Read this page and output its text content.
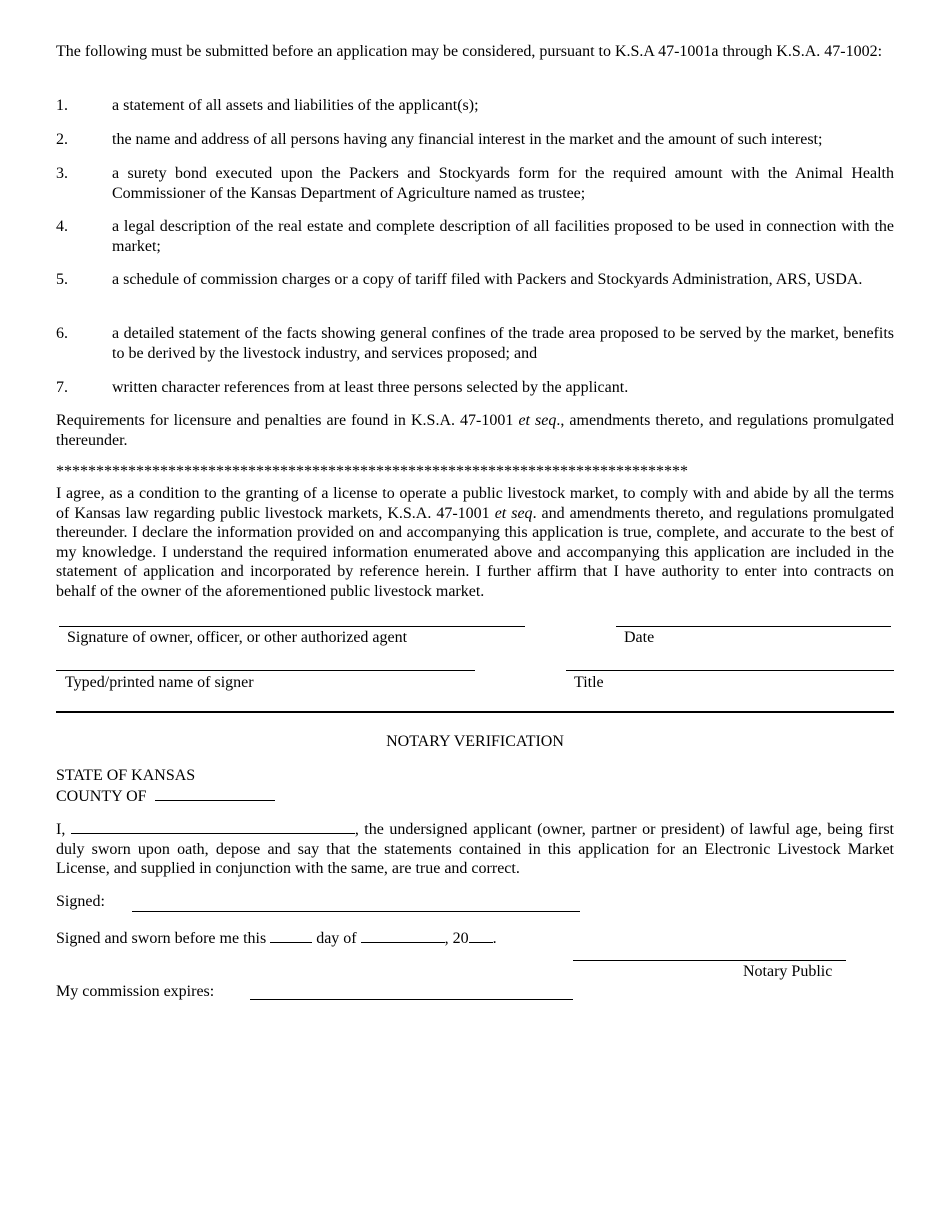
The following must be submitted before an application may be considered, pursuant to K.S.A 47-1001a through K.S.A. 47-1002:
1.	a statement of all assets and liabilities of the applicant(s);
2.	the name and address of all persons having any financial interest in the market and the amount of such interest;
3.	a surety bond executed upon the Packers and Stockyards form for the required amount with the Animal Health Commissioner of the Kansas Department of Agriculture named as trustee;
4.	a legal description of the real estate and complete description of all facilities proposed to be used in connection with the market;
5.	a schedule of commission charges or a copy of tariff filed with Packers and Stockyards Administration, ARS, USDA.
6.	a detailed statement of the facts showing general confines of the trade area proposed to be served by the market, benefits to be derived by the livestock industry, and services proposed; and
7.	written character references from at least three persons selected by the applicant.
Requirements for licensure and penalties are found in K.S.A. 47-1001 et seq., amendments thereto, and regulations promulgated thereunder.
*******************************************************************************
I agree, as a condition to the granting of a license to operate a public livestock market, to comply with and abide by all the terms of Kansas law regarding public livestock markets, K.S.A. 47-1001 et seq. and amendments thereto, and regulations promulgated thereunder. I declare the information provided on and accompanying this application is true, complete, and accurate to the best of my knowledge. I understand the required information enumerated above and accompanying this application are included in the statement of application and incorporated by reference herein. I further affirm that I have authority to enter into contracts on behalf of the owner of the aforementioned public livestock market.
Signature of owner, officer, or other authorized agent	Date
Typed/printed name of signer	Title
NOTARY VERIFICATION
STATE OF KANSAS
COUNTY OF
I,	, the undersigned applicant (owner, partner or president) of lawful age, being first duly sworn upon oath, depose and say that the statements contained in this application for an Electronic Livestock Market License, and supplied in conjunction with the same, are true and correct.
Signed:
Signed and sworn before me this	day of	, 20 .
Notary Public
My commission expires:
